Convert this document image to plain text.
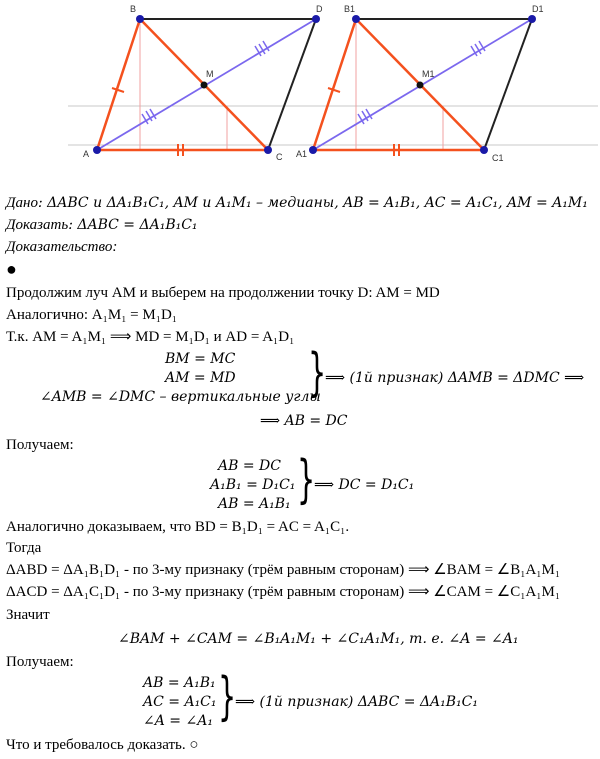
B	D
M
A	C
B1	D1
M1
A1	C1
Дано: ΔABC и ΔA₁B₁C₁, AM и A₁M₁ – медианы, AB = A₁B₁, AC = A₁C₁, AM = A₁M₁
Доказать: ΔABC = ΔA₁B₁C₁
Доказательство:
●
Продолжим луч AM и выберем на продолжении точку D: AM = MD
Аналогично: A₁M₁ = M₁D₁
Т.к. AM = A₁M₁ ⟹ MD = M₁D₁ и AD = A₁D₁
BM = MC
AM = MD
∠AMB = ∠DMC – вертикальные углы
}
⟹ (1й признак) ΔAMB = ΔDMC ⟹
⟹ AB = DC
Получаем:
AB = DC
A₁B₁ = D₁C₁
AB = A₁B₁ }
⟹ DC = D₁C₁
Аналогично доказываем, что BD = B₁D₁ = AC = A₁C₁.
Тогда
ΔABD = ΔA₁B₁D₁ - по 3-му признаку (трём равным сторонам) ⟹ ∠BAM = ∠B₁A₁M₁
ΔACD = ΔA₁C₁D₁ - по 3-му признаку (трём равным сторонам) ⟹ ∠CAM = ∠C₁A₁M₁
Значит
∠BAM + ∠CAM = ∠B₁A₁M₁ + ∠C₁A₁M₁, т. е. ∠A = ∠A₁
Получаем:
AB = A₁B₁
AC = A₁C₁
∠A = ∠A₁ }
⟹ (1й признак) ΔABC = ΔA₁B₁C₁
Что и требовалось доказать. ○
